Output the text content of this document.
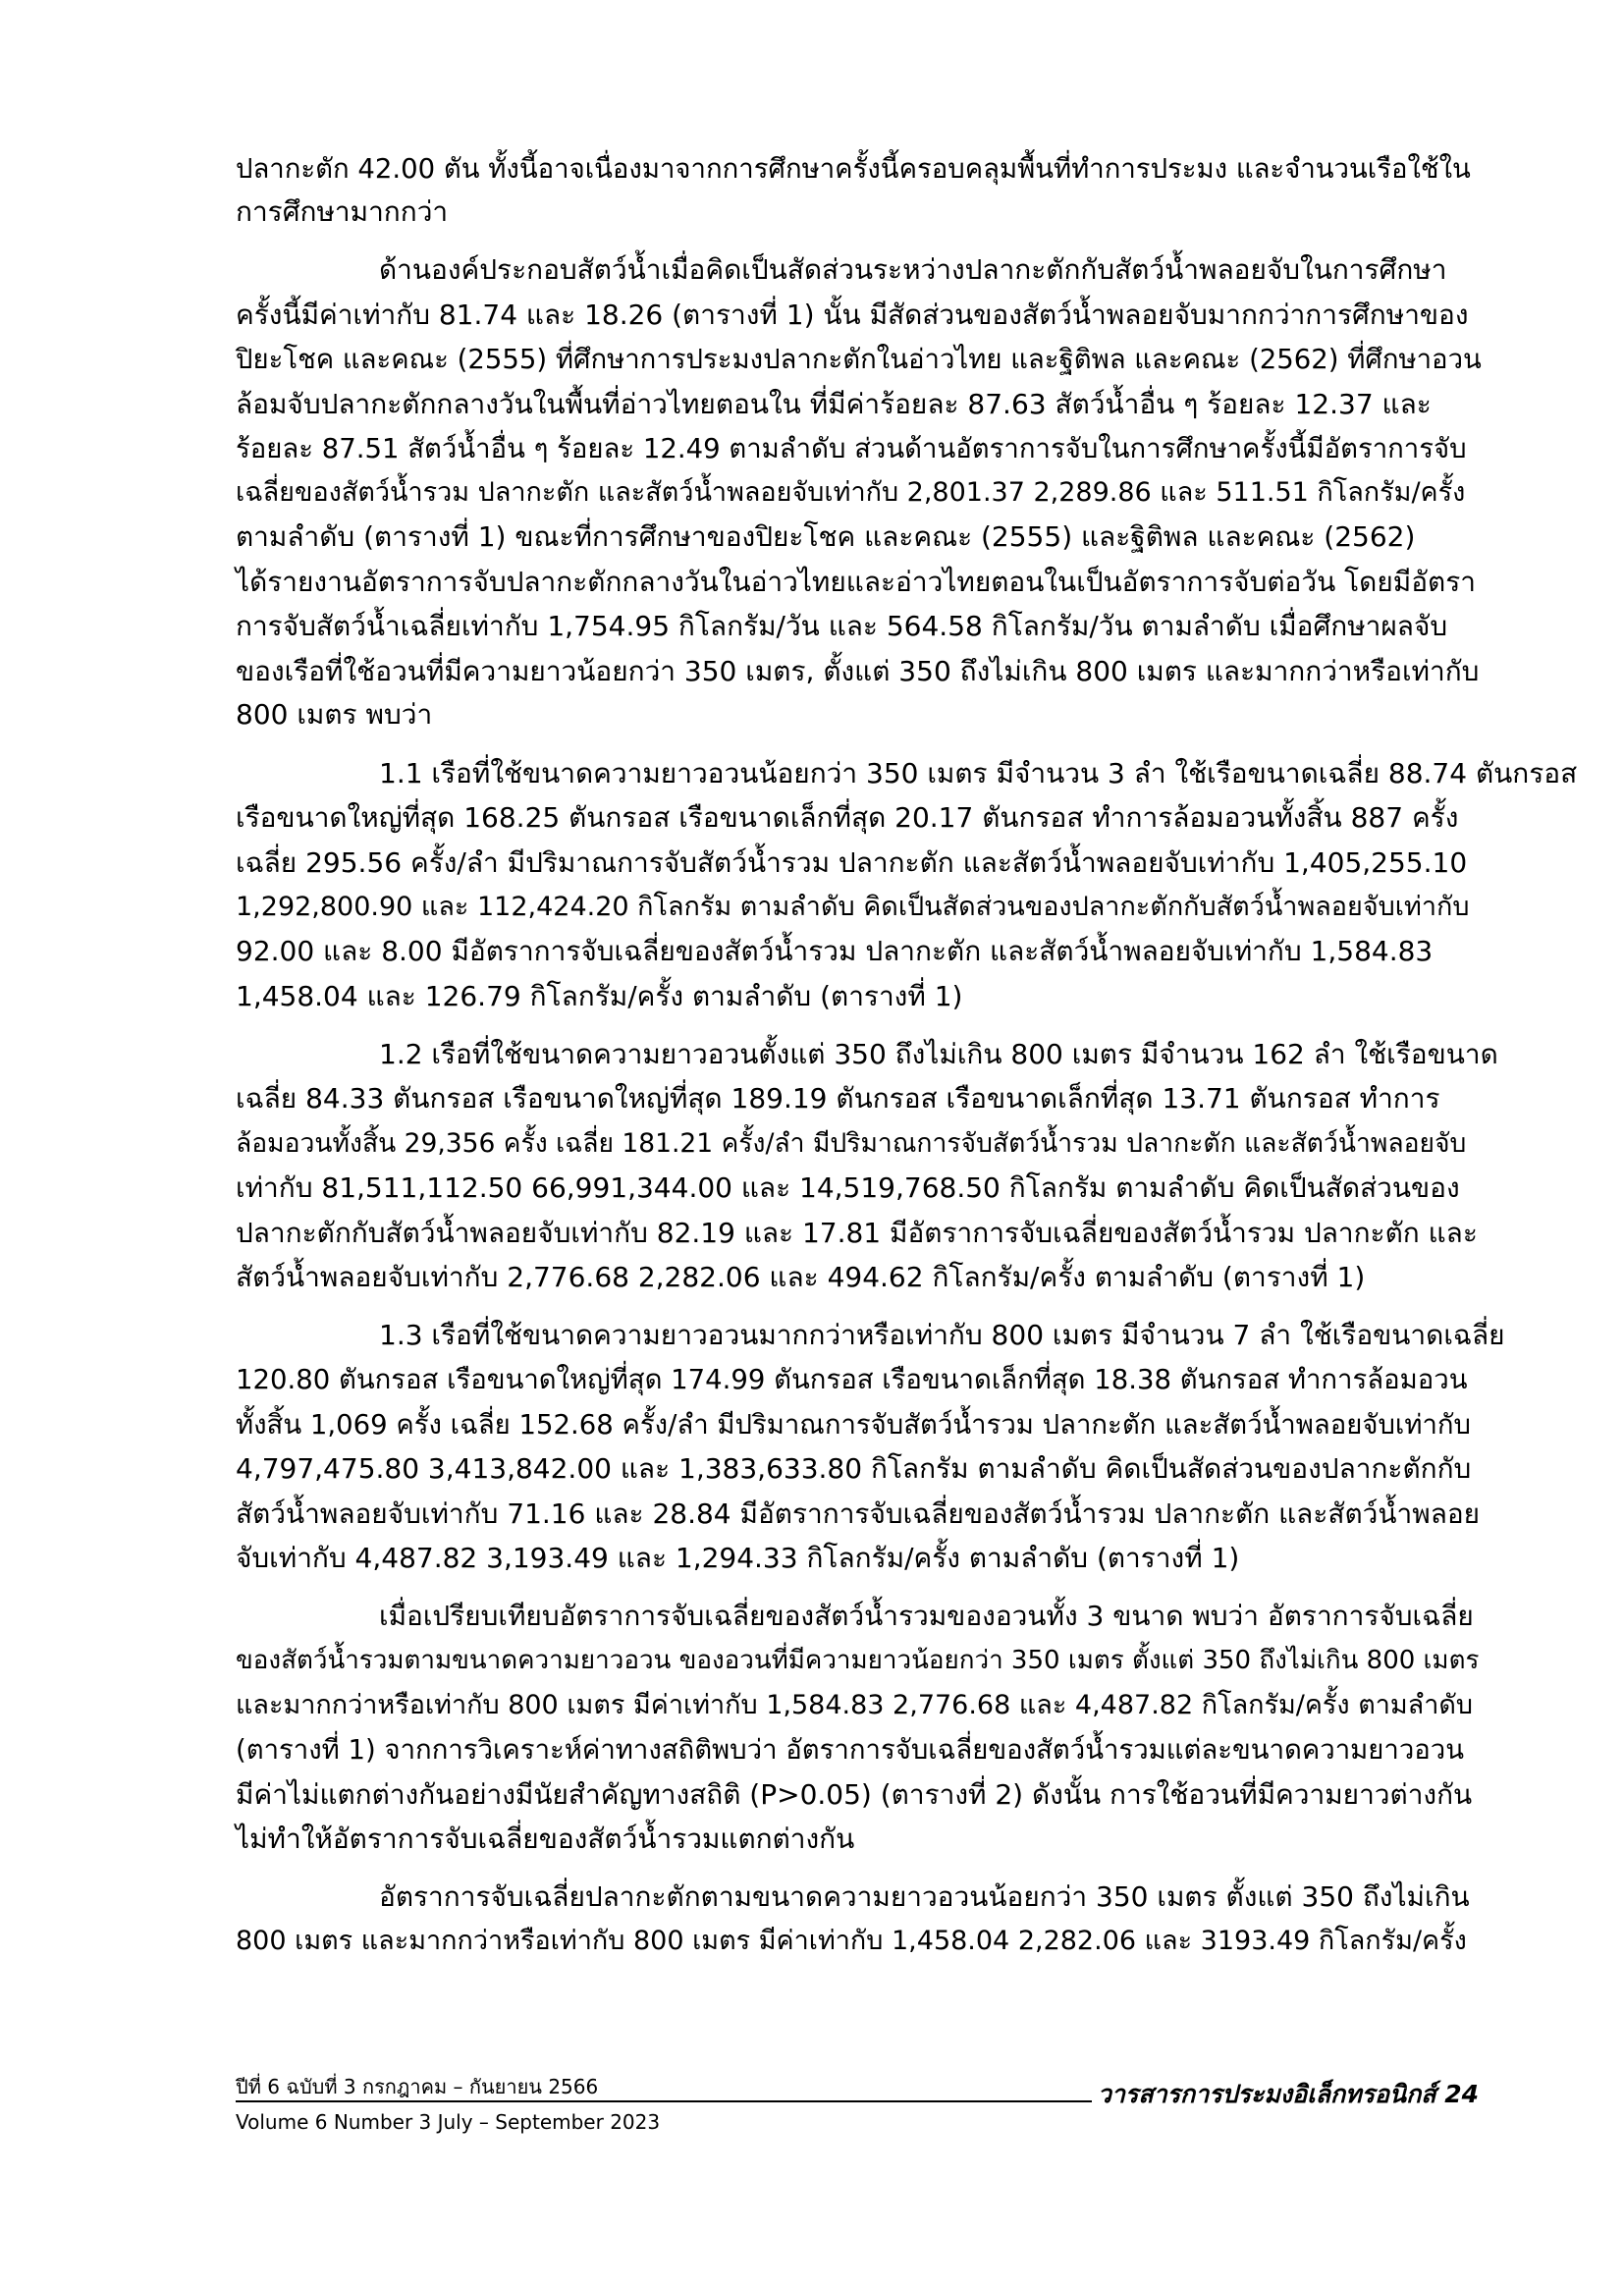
ปลากะตัก 42.00 ตัน ทั้งนี้อาจเนื่องมาจากการศึกษาครั้งนี้ครอบคลุมพื้นที่ทำการประมง และจำนวนเรือใช้ใน
การศึกษามากกว่า
ด้านองค์ประกอบสัตว์น้ำเมื่อคิดเป็นสัดส่วนระหว่างปลากะตักกับสัตว์น้ำพลอยจับในการศึกษา
ครั้งนี้มีค่าเท่ากับ 81.74 และ 18.26 (ตารางที่ 1) นั้น มีสัดส่วนของสัตว์น้ำพลอยจับมากกว่าการศึกษาของ
ปิยะโชค และคณะ (2555) ที่ศึกษาการประมงปลากะตักในอ่าวไทย และฐิติพล และคณะ (2562) ที่ศึกษาอวน
ล้อมจับปลากะตักกลางวันในพื้นที่อ่าวไทยตอนใน ที่มีค่าร้อยละ 87.63 สัตว์น้ำอื่น ๆ ร้อยละ 12.37 และ
ร้อยละ 87.51 สัตว์น้ำอื่น ๆ ร้อยละ 12.49 ตามลำดับ ส่วนด้านอัตราการจับในการศึกษาครั้งนี้มีอัตราการจับ
เฉลี่ยของสัตว์น้ำรวม ปลากะตัก และสัตว์น้ำพลอยจับเท่ากับ 2,801.37 2,289.86 และ 511.51 กิโลกรัม/ครั้ง
ตามลำดับ (ตารางที่ 1) ขณะที่การศึกษาของปิยะโชค และคณะ (2555) และฐิติพล และคณะ (2562)
ได้รายงานอัตราการจับปลากะตักกลางวันในอ่าวไทยและอ่าวไทยตอนในเป็นอัตราการจับต่อวัน โดยมีอัตรา
การจับสัตว์น้ำเฉลี่ยเท่ากับ 1,754.95 กิโลกรัม/วัน และ 564.58 กิโลกรัม/วัน ตามลำดับ เมื่อศึกษาผลจับ
ของเรือที่ใช้อวนที่มีความยาวน้อยกว่า 350 เมตร, ตั้งแต่ 350 ถึงไม่เกิน 800 เมตร และมากกว่าหรือเท่ากับ
800 เมตร พบว่า
1.1 เรือที่ใช้ขนาดความยาวอวนน้อยกว่า 350 เมตร มีจำนวน 3 ลำ ใช้เรือขนาดเฉลี่ย 88.74 ตันกรอส
เรือขนาดใหญ่ที่สุด 168.25 ตันกรอส เรือขนาดเล็กที่สุด 20.17 ตันกรอส ทำการล้อมอวนทั้งสิ้น 887 ครั้ง
เฉลี่ย 295.56 ครั้ง/ลำ มีปริมาณการจับสัตว์น้ำรวม ปลากะตัก และสัตว์น้ำพลอยจับเท่ากับ 1,405,255.10
1,292,800.90 และ 112,424.20 กิโลกรัม ตามลำดับ คิดเป็นสัดส่วนของปลากะตักกับสัตว์น้ำพลอยจับเท่ากับ
92.00 และ 8.00 มีอัตราการจับเฉลี่ยของสัตว์น้ำรวม ปลากะตัก และสัตว์น้ำพลอยจับเท่ากับ 1,584.83
1,458.04 และ 126.79 กิโลกรัม/ครั้ง ตามลำดับ (ตารางที่ 1)
1.2 เรือที่ใช้ขนาดความยาวอวนตั้งแต่ 350 ถึงไม่เกิน 800 เมตร มีจำนวน 162 ลำ ใช้เรือขนาด
เฉลี่ย 84.33 ตันกรอส เรือขนาดใหญ่ที่สุด 189.19 ตันกรอส เรือขนาดเล็กที่สุด 13.71 ตันกรอส ทำการ
ล้อมอวนทั้งสิ้น 29,356 ครั้ง เฉลี่ย 181.21 ครั้ง/ลำ มีปริมาณการจับสัตว์น้ำรวม ปลากะตัก และสัตว์น้ำพลอยจับ
เท่ากับ 81,511,112.50 66,991,344.00 และ 14,519,768.50 กิโลกรัม ตามลำดับ คิดเป็นสัดส่วนของ
ปลากะตักกับสัตว์น้ำพลอยจับเท่ากับ 82.19 และ 17.81 มีอัตราการจับเฉลี่ยของสัตว์น้ำรวม ปลากะตัก และ
สัตว์น้ำพลอยจับเท่ากับ 2,776.68 2,282.06 และ 494.62 กิโลกรัม/ครั้ง ตามลำดับ (ตารางที่ 1)
1.3 เรือที่ใช้ขนาดความยาวอวนมากกว่าหรือเท่ากับ 800 เมตร มีจำนวน 7 ลำ ใช้เรือขนาดเฉลี่ย
120.80 ตันกรอส เรือขนาดใหญ่ที่สุด 174.99 ตันกรอส เรือขนาดเล็กที่สุด 18.38 ตันกรอส ทำการล้อมอวน
ทั้งสิ้น 1,069 ครั้ง เฉลี่ย 152.68 ครั้ง/ลำ มีปริมาณการจับสัตว์น้ำรวม ปลากะตัก และสัตว์น้ำพลอยจับเท่ากับ
4,797,475.80 3,413,842.00 และ 1,383,633.80 กิโลกรัม ตามลำดับ คิดเป็นสัดส่วนของปลากะตักกับ
สัตว์น้ำพลอยจับเท่ากับ 71.16 และ 28.84 มีอัตราการจับเฉลี่ยของสัตว์น้ำรวม ปลากะตัก และสัตว์น้ำพลอย
จับเท่ากับ 4,487.82 3,193.49 และ 1,294.33 กิโลกรัม/ครั้ง ตามลำดับ (ตารางที่ 1)
เมื่อเปรียบเทียบอัตราการจับเฉลี่ยของสัตว์น้ำรวมของอวนทั้ง 3 ขนาด พบว่า อัตราการจับเฉลี่ย
ของสัตว์น้ำรวมตามขนาดความยาวอวน ของอวนที่มีความยาวน้อยกว่า 350 เมตร ตั้งแต่ 350 ถึงไม่เกิน 800 เมตร
และมากกว่าหรือเท่ากับ 800 เมตร มีค่าเท่ากับ 1,584.83 2,776.68 และ 4,487.82 กิโลกรัม/ครั้ง ตามลำดับ
(ตารางที่ 1) จากการวิเคราะห์ค่าทางสถิติพบว่า อัตราการจับเฉลี่ยของสัตว์น้ำรวมแต่ละขนาดความยาวอวน
มีค่าไม่แตกต่างกันอย่างมีนัยสำคัญทางสถิติ (P>0.05) (ตารางที่ 2) ดังนั้น การใช้อวนที่มีความยาวต่างกัน
ไม่ทำให้อัตราการจับเฉลี่ยของสัตว์น้ำรวมแตกต่างกัน
อัตราการจับเฉลี่ยปลากะตักตามขนาดความยาวอวนน้อยกว่า 350 เมตร ตั้งแต่ 350 ถึงไม่เกิน
800 เมตร และมากกว่าหรือเท่ากับ 800 เมตร มีค่าเท่ากับ 1,458.04 2,282.06 และ 3193.49 กิโลกรัม/ครั้ง
ปีที่ 6 ฉบับที่ 3 กรกฎาคม – กันยายน 2566	วารสารการประมงอิเล็กทรอนิกส์ 24
Volume 6 Number 3 July – September 2023
